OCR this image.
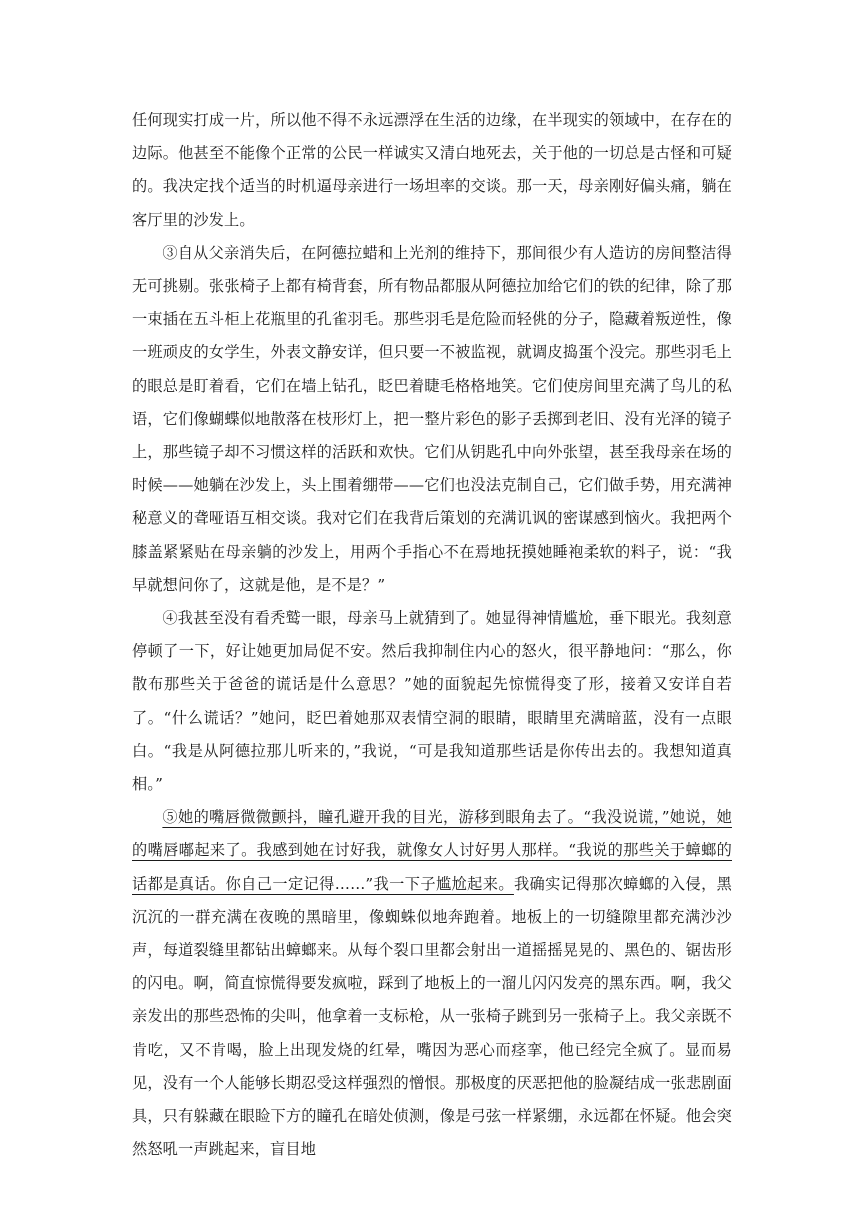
任何现实打成一片，所以他不得不永远漂浮在生活的边缘，在半现实的领域中，在存在的边际。他甚至不能像个正常的公民一样诚实又清白地死去，关于他的一切总是古怪和可疑的。我决定找个适当的时机逼母亲进行一场坦率的交谈。那一天，母亲刚好偏头痛，躺在客厅里的沙发上。

③自从父亲消失后，在阿德拉蜡和上光剂的维持下，那间很少有人造访的房间整洁得无可挑剔。张张椅子上都有椅背套，所有物品都服从阿德拉加给它们的铁的纪律，除了那一束插在五斗柜上花瓶里的孔雀羽毛。那些羽毛是危险而轻佻的分子，隐藏着叛逆性，像一班顽皮的女学生，外表文静安详，但只要一不被监视，就调皮捣蛋个没完。那些羽毛上的眼总是盯着看，它们在墙上钻孔，眨巴着睫毛格格地笑。它们使房间里充满了鸟儿的私语，它们像蝴蝶似地散落在枝形灯上，把一整片彩色的影子丢掷到老旧、没有光泽的镜子上，那些镜子却不习惯这样的活跃和欢快。它们从钥匙孔中向外张望，甚至我母亲在场的时候——她躺在沙发上，头上围着绷带——它们也没法克制自己，它们做手势，用充满神秘意义的聋哑语互相交谈。我对它们在我背后策划的充满讥讽的密谋感到恼火。我把两个膝盖紧紧贴在母亲躺的沙发上，用两个手指心不在焉地抚摸她睡袍柔软的料子，说：“我早就想问你了，这就是他，是不是？”

④我甚至没有看秃鹫一眼，母亲马上就猜到了。她显得神情尴尬，垂下眼光。我刻意停顿了一下，好让她更加局促不安。然后我抑制住内心的怒火，很平静地问：“那么，你散布那些关于爸爸的谎话是什么意思？”她的面貌起先惊慌得变了形，接着又安详自若了。“什么谎话？”她问，眨巴着她那双表情空洞的眼睛，眼睛里充满暗蓝，没有一点眼白。“我是从阿德拉那儿听来的，”我说，“可是我知道那些话是你传出去的。我想知道真相。”

⑤她的嘴唇微微颤抖，瞳孔避开我的目光，游移到眼角去了。“我没说谎，”她说，她的嘴唇嘟起来了。我感到她在讨好我，就像女人讨好男人那样。“我说的那些关于蟑螂的话都是真话。你自己一定记得……”我一下子尴尬起来。我确实记得那次蟑螂的入侵，黑沉沉的一群充满在夜晚的黑暗里，像蜘蛛似地奔跑着。地板上的一切缝隙里都充满沙沙声，每道裂缝里都钻出蟑螂来。从每个裂口里都会射出一道摇摇晃晃的、黑色的、锯齿形的闪电。啊，简直惊慌得要发疯啦，踩到了地板上的一溜儿闪闪发亮的黑东西。啊，我父亲发出的那些恐怖的尖叫，他拿着一支标枪，从一张椅子跳到另一张椅子上。我父亲既不肯吃，又不肯喝，脸上出现发烧的红晕，嘴因为恶心而痉挛，他已经完全疯了。显而易见，没有一个人能够长期忍受这样强烈的憎恨。那极度的厌恶把他的脸凝结成一张悲剧面具，只有躲藏在眼睑下方的瞳孔在暗处侦测，像是弓弦一样紧绷，永远都在怀疑。他会突然怒吼一声跳起来，盲目地
